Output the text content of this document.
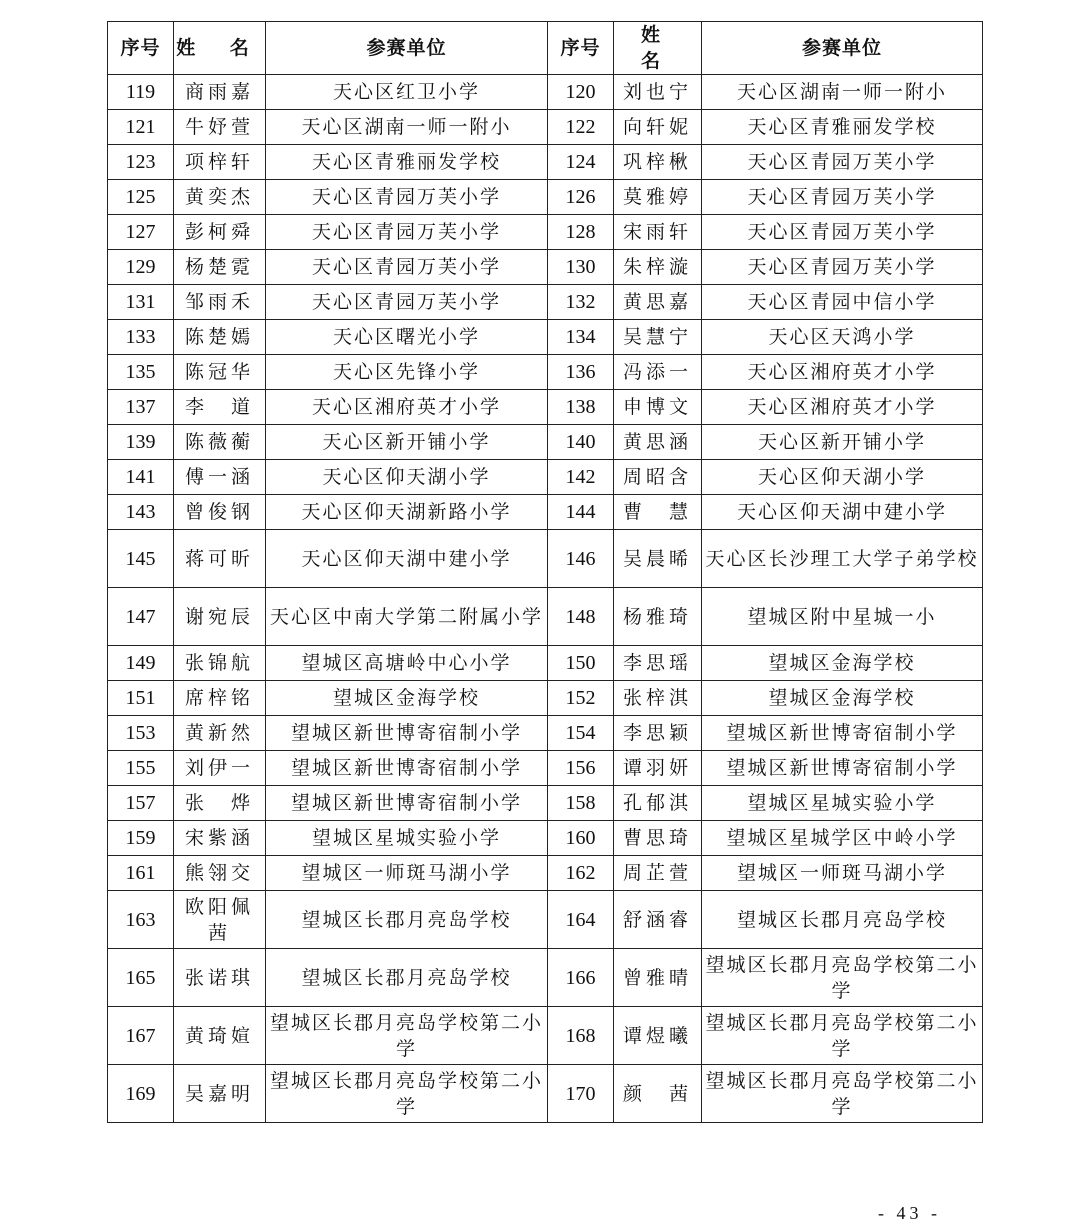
序号	姓 名	参赛单位	序号	姓 名	参赛单位
119	商雨嘉	天心区红卫小学	120	刘也宁	天心区湖南一师一附小
121	牛妤萱	天心区湖南一师一附小	122	向轩妮	天心区青雅丽发学校
123	项梓轩	天心区青雅丽发学校	124	巩梓楸	天心区青园万芙小学
125	黄奕杰	天心区青园万芙小学	126	莫雅婷	天心区青园万芙小学
127	彭柯舜	天心区青园万芙小学	128	宋雨轩	天心区青园万芙小学
129	杨楚霓	天心区青园万芙小学	130	朱梓漩	天心区青园万芙小学
131	邹雨禾	天心区青园万芙小学	132	黄思嘉	天心区青园中信小学
133	陈楚嫣	天心区曙光小学	134	吴慧宁	天心区天鸿小学
135	陈冠华	天心区先锋小学	136	冯添一	天心区湘府英才小学
137	李　道	天心区湘府英才小学	138	申博文	天心区湘府英才小学
139	陈薇蘅	天心区新开铺小学	140	黄思涵	天心区新开铺小学
141	傅一涵	天心区仰天湖小学	142	周昭含	天心区仰天湖小学
143	曾俊钢	天心区仰天湖新路小学	144	曹　慧	天心区仰天湖中建小学
145	蒋可昕	天心区仰天湖中建小学	146	吴晨晞	天心区长沙理工大学子弟学校
147	谢宛辰	天心区中南大学第二附属小学	148	杨雅琦	望城区附中星城一小
149	张锦航	望城区高塘岭中心小学	150	李思瑶	望城区金海学校
151	席梓铭	望城区金海学校	152	张梓淇	望城区金海学校
153	黄新然	望城区新世博寄宿制小学	154	李思颖	望城区新世博寄宿制小学
155	刘伊一	望城区新世博寄宿制小学	156	谭羽妍	望城区新世博寄宿制小学
157	张　烨	望城区新世博寄宿制小学	158	孔郁淇	望城区星城实验小学
159	宋紫涵	望城区星城实验小学	160	曹思琦	望城区星城学区中岭小学
161	熊翎交	望城区一师斑马湖小学	162	周芷萱	望城区一师斑马湖小学
163	欧阳佩茜	望城区长郡月亮岛学校	164	舒涵睿	望城区长郡月亮岛学校
165	张诺琪	望城区长郡月亮岛学校	166	曾雅晴	望城区长郡月亮岛学校第二小学
167	黄琦媗	望城区长郡月亮岛学校第二小学	168	谭煜曦	望城区长郡月亮岛学校第二小学
169	吴嘉明	望城区长郡月亮岛学校第二小学	170	颜　茜	望城区长郡月亮岛学校第二小学
- 43 -
